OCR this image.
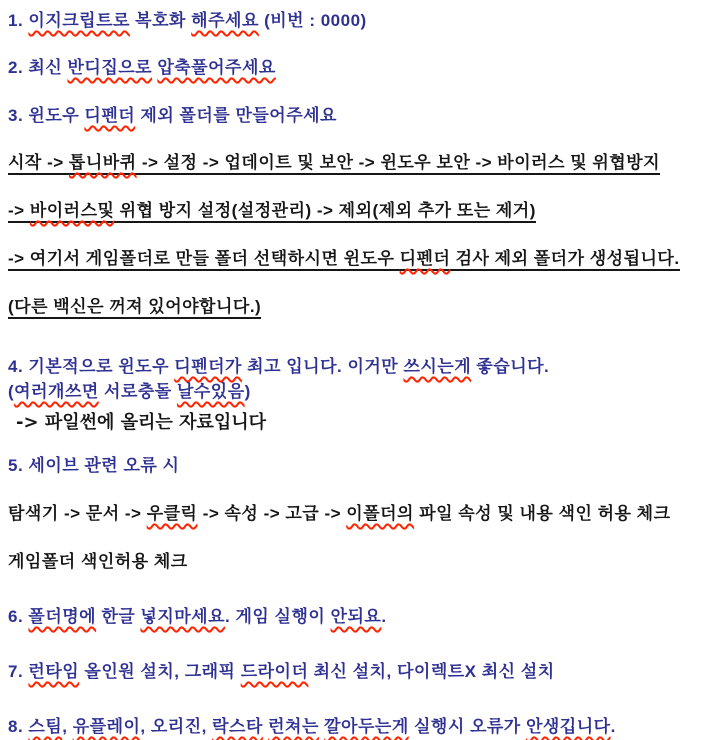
1. 이지크립트로 복호화 해주세요 (비번 : 0000)
2. 최신 반디집으로 압축풀어주세요
3. 윈도우 디펜더 제외 폴더를 만들어주세요
시작 -> 톱니바퀴 -> 설정 -> 업데이트 및 보안 -> 윈도우 보안 -> 바이러스 및 위협방지
-> 바이러스및 위협 방지 설정(설정관리) -> 제외(제외 추가 또는 제거)
-> 여기서 게임폴더로 만들 폴더 선택하시면 윈도우 디펜더 검사 제외 폴더가 생성됩니다.
(다른 백신은 꺼져 있어야합니다.)
4. 기본적으로 윈도우 디펜더가 최고 입니다. 이거만 쓰시는게 좋습니다.
(여러개쓰면 서로충돌 날수있음)
-> 파일썬에 올리는 자료입니다
5. 세이브 관련 오류 시
탐색기 -> 문서 -> 우클릭 -> 속성 -> 고급 -> 이폴더의 파일 속성 및 내용 색인 허용 체크
게임폴더 색인허용 체크
6. 폴더명에 한글 넣지마세요. 게임 실행이 안되요.
7. 런타임 올인원 설치, 그래픽 드라이더 최신 설치, 다이렉트X 최신 설치
8. 스팀, 유플레이, 오리진, 락스타 런쳐는 깔아두는게 실행시 오류가 안생깁니다.
